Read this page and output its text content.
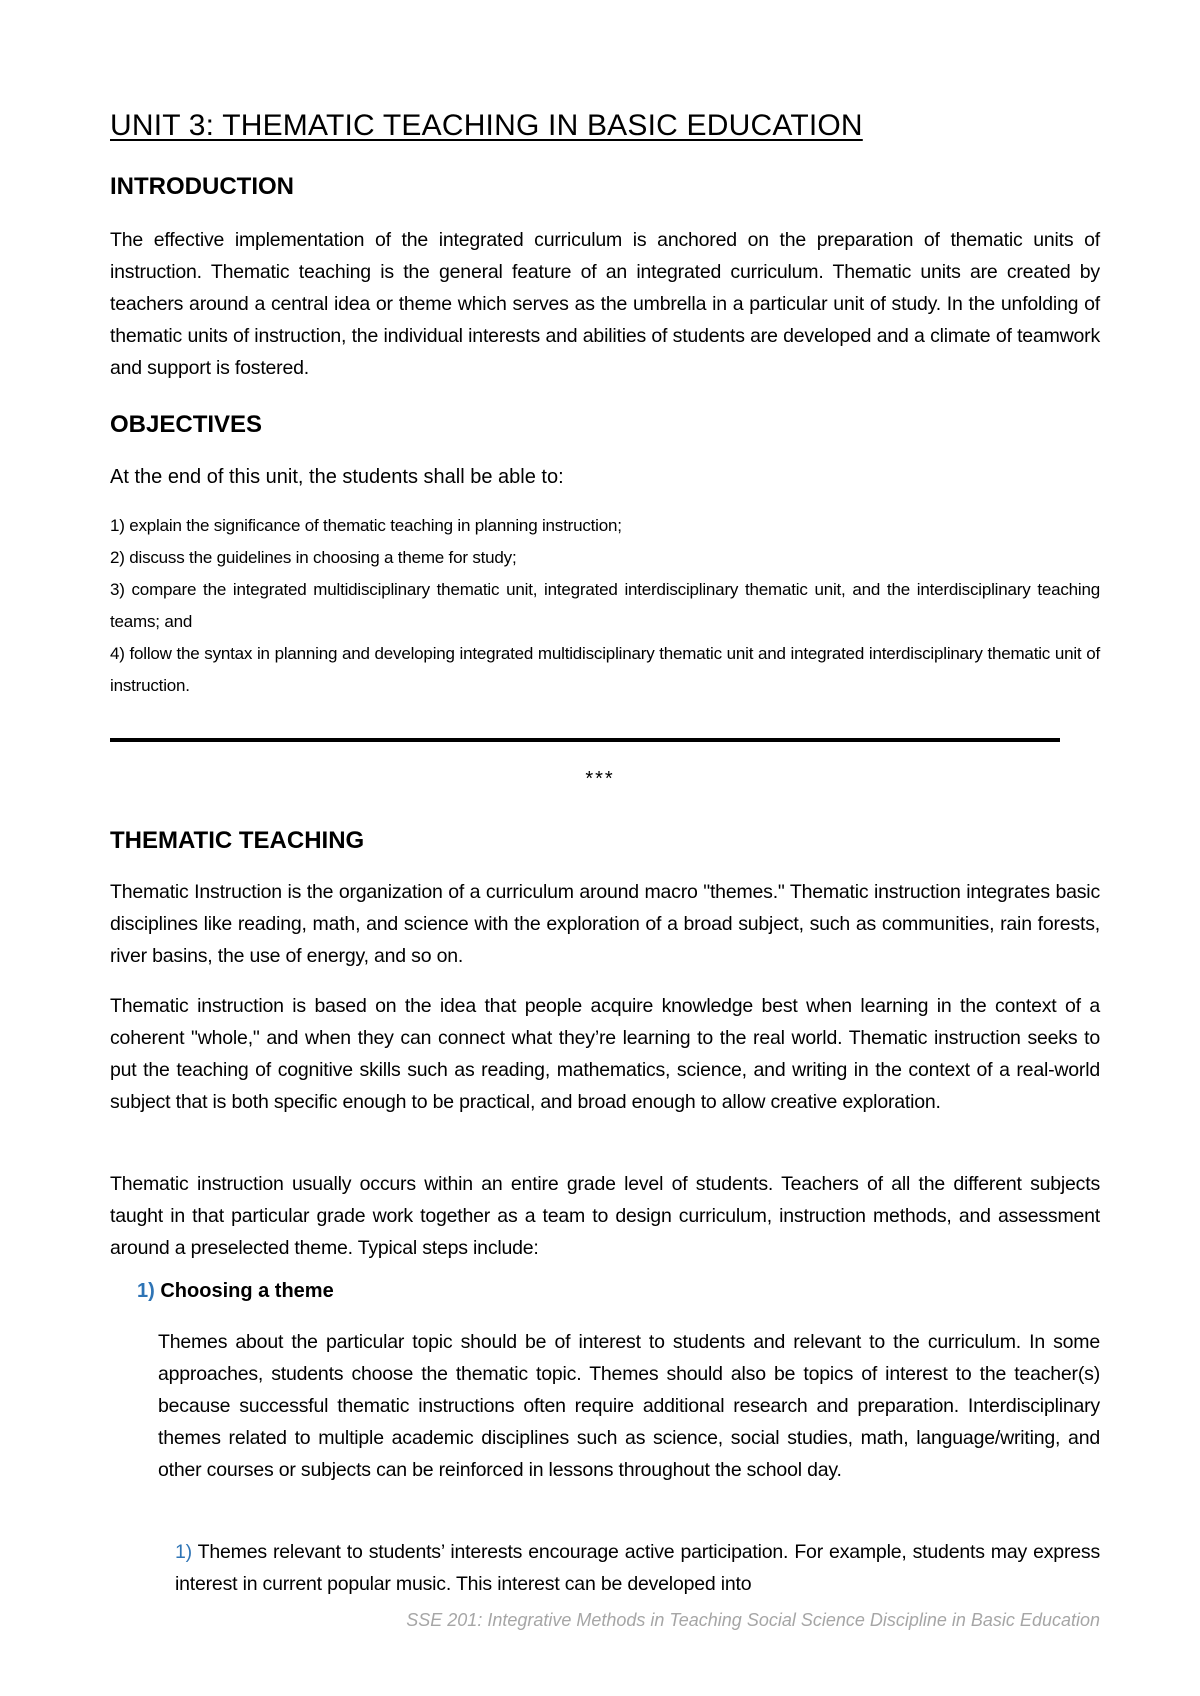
UNIT 3: THEMATIC TEACHING IN BASIC EDUCATION
INTRODUCTION
The effective implementation of the integrated curriculum is anchored on the preparation of thematic units of instruction. Thematic teaching is the general feature of an integrated curriculum. Thematic units are created by teachers around a central idea or theme which serves as the umbrella in a particular unit of study. In the unfolding of thematic units of instruction, the individual interests and abilities of students are developed and a climate of teamwork and support is fostered.
OBJECTIVES
At the end of this unit, the students shall be able to:
1) explain the significance of thematic teaching in planning instruction;
2) discuss the guidelines in choosing a theme for study;
3) compare the integrated multidisciplinary thematic unit, integrated interdisciplinary thematic unit, and the interdisciplinary teaching teams; and
4) follow the syntax in planning and developing integrated multidisciplinary thematic unit and integrated interdisciplinary thematic unit of instruction.
***
THEMATIC TEACHING
Thematic Instruction is the organization of a curriculum around macro "themes." Thematic instruction integrates basic disciplines like reading, math, and science with the exploration of a broad subject, such as communities, rain forests, river basins, the use of energy, and so on.
Thematic instruction is based on the idea that people acquire knowledge best when learning in the context of a coherent "whole," and when they can connect what they’re learning to the real world. Thematic instruction seeks to put the teaching of cognitive skills such as reading, mathematics, science, and writing in the context of a real-world subject that is both specific enough to be practical, and broad enough to allow creative exploration.
Thematic instruction usually occurs within an entire grade level of students. Teachers of all the different subjects taught in that particular grade work together as a team to design curriculum, instruction methods, and assessment around a preselected theme. Typical steps include:
1) Choosing a theme
Themes about the particular topic should be of interest to students and relevant to the curriculum. In some approaches, students choose the thematic topic. Themes should also be topics of interest to the teacher(s) because successful thematic instructions often require additional research and preparation. Interdisciplinary themes related to multiple academic disciplines such as science, social studies, math, language/writing, and other courses or subjects can be reinforced in lessons throughout the school day.
1) Themes relevant to students’ interests encourage active participation. For example, students may express interest in current popular music. This interest can be developed into
SSE 201: Integrative Methods in Teaching Social Science Discipline in Basic Education
